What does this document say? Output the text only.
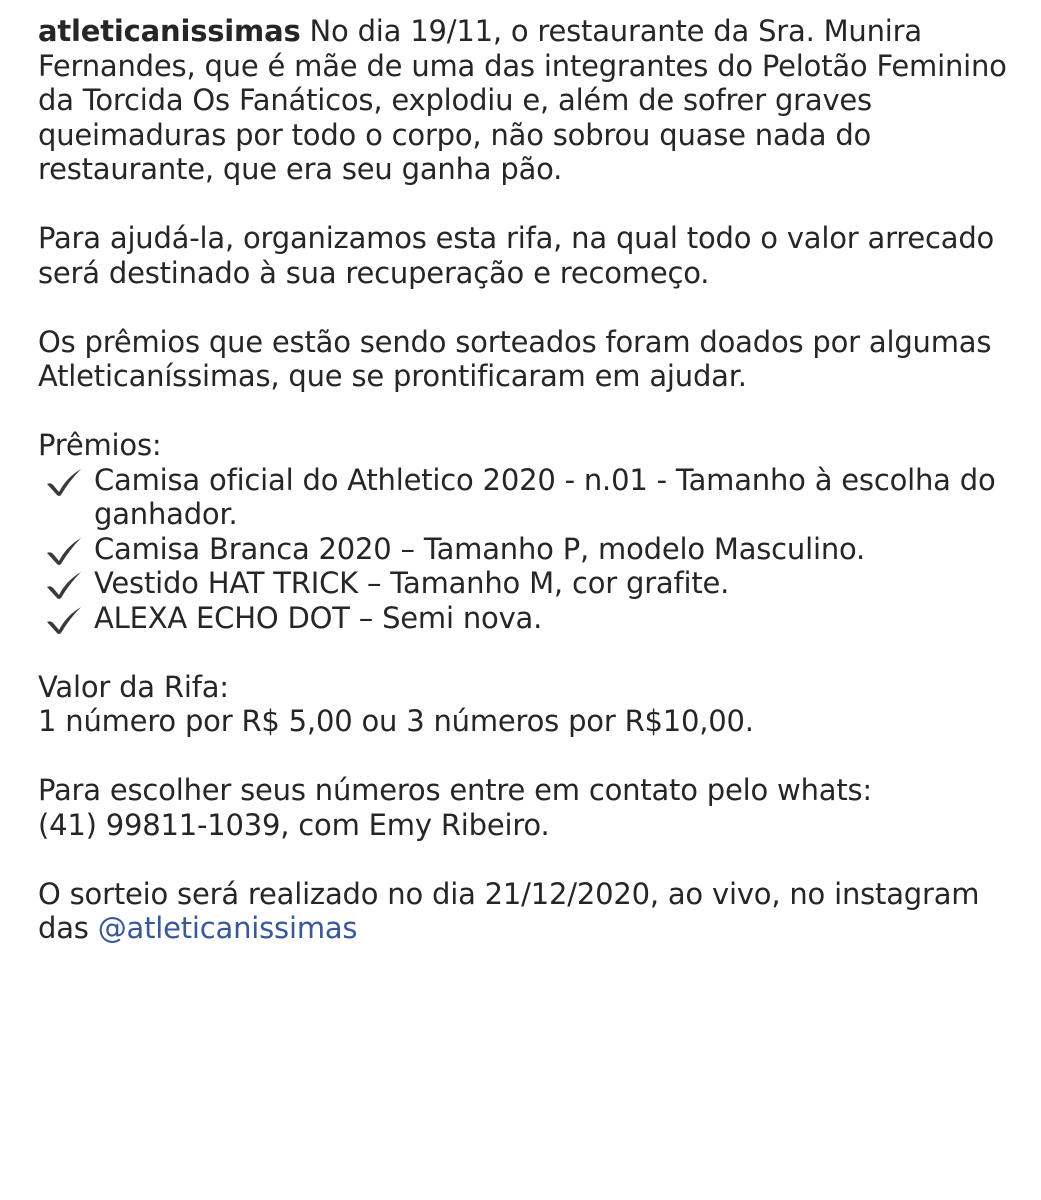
atleticanissimas No dia 19/11, o restaurante da Sra. Munira Fernandes, que é mãe de uma das integrantes do Pelotão Feminino da Torcida Os Fanáticos, explodiu e, além de sofrer graves queimaduras por todo o corpo, não sobrou quase nada do restaurante, que era seu ganha pão.

Para ajudá-la, organizamos esta rifa, na qual todo o valor arrecado será destinado à sua recuperação e recomeço.

Os prêmios que estão sendo sorteados foram doados por algumas Atleticaníssimas, que se prontificaram em ajudar.

Prêmios:
Camisa oficial do Athletico 2020 - n.01 - Tamanho à escolha do ganhador.
Camisa Branca 2020 – Tamanho P, modelo Masculino.
Vestido HAT TRICK – Tamanho M, cor grafite.
ALEXA ECHO DOT – Semi nova.
Valor da Rifa:
1 número por R$ 5,00 ou 3 números por R$10,00.
Para escolher seus números entre em contato pelo whats:
(41) 99811-1039, com Emy Ribeiro.

O sorteio será realizado no dia 21/12/2020, ao vivo, no instagram das @atleticanissimas
